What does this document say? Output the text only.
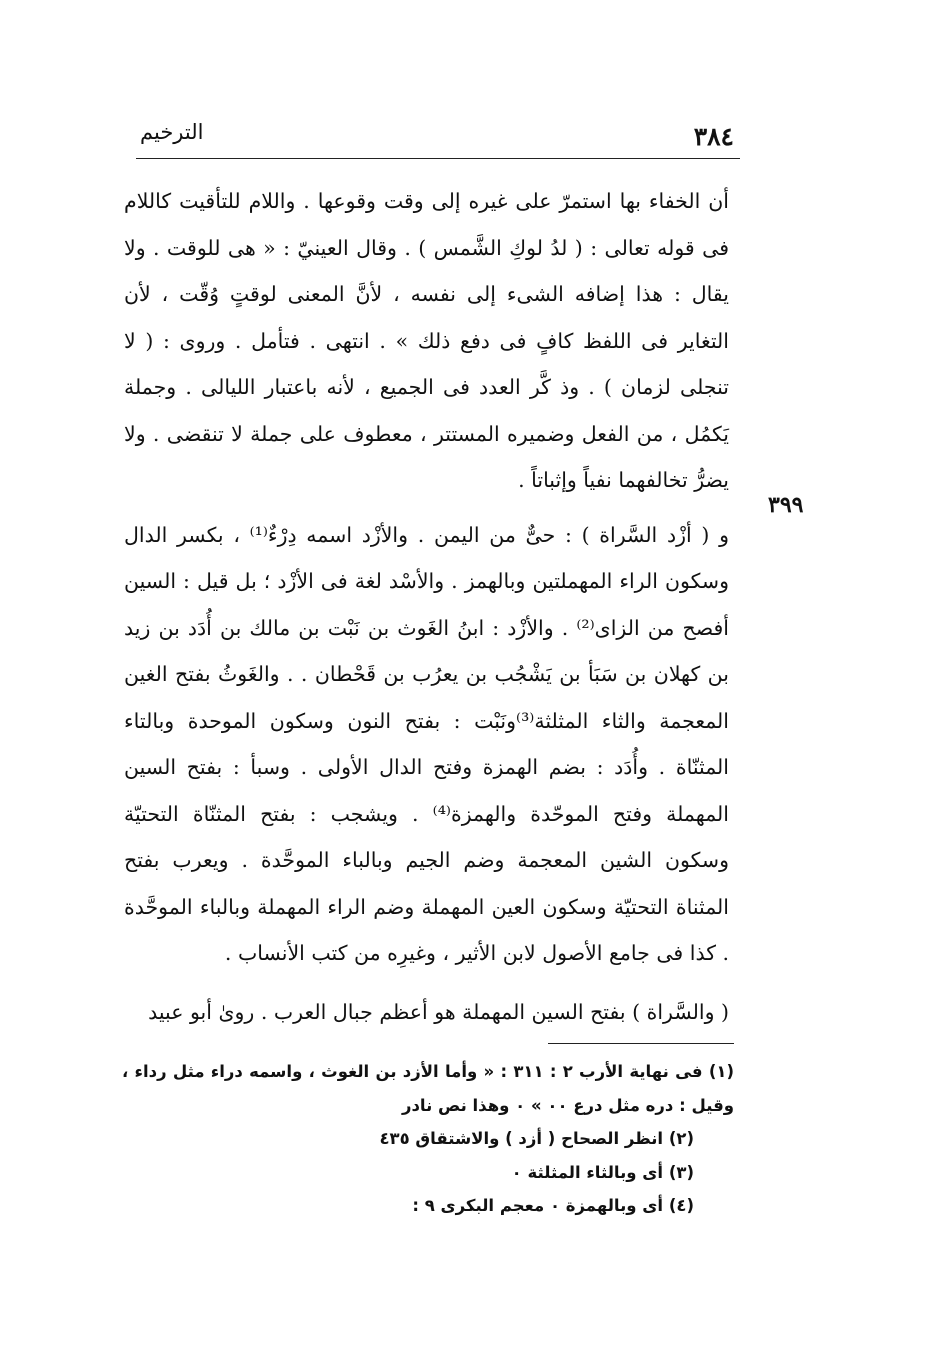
٣٨٤
الترخيم
٣٩٩

أن الخفاء بها استمرّ على غيره إلى وقت وقوعها . واللام للتأقيت كاللام فى قوله تعالى : ( لدُ لوكِ الشَّمس ) . وقال العينيّ : « هى للوقت . ولا يقال : هذا إضافه الشىء إلى نفسه ، لأنَّ المعنى لوقتٍ وُقّت ، لأن التغاير فى اللفظ كافٍ فى دفع ذلك » . انتهى . فتأمل . وروى : ( لا تنجلى لزمان ) . وذ كَّر العدد فى الجميع ، لأنه باعتبار الليالى . وجملة يَكمُل ، من الفعل وضميره المستتر ، معطوف على جملة لا تنقضى . ولا يضرُّ تخالفهما نفياً وإثباتاً .

و ( أزْد السَّراة ) : حىٌّ من اليمن . والأزْد اسمه دِرْءٌ⁽¹⁾ ، بكسر الدال وسكون الراء المهملتين وبالهمز . والأسْد لغة فى الأزْد ؛ بل قيل : السين أفصح من الزاى⁽²⁾ . والأزْد : ابنُ الغَوث بن نَبْت بن مالك بن أُدَد بن زيد بن كهلان بن سَبَأ بن يَشْجُب بن يعرُب بن قَحْطان . . والغَوثُ بفتح الغين المعجمة والثاء المثلثة⁽³⁾ونَبْت : بفتح النون وسكون الموحدة وبالتاء المثنّاة . وأُدَد : بضم الهمزة وفتح الدال الأولى . وسبأ : بفتح السين المهملة وفتح الموحّدة والهمزة⁽⁴⁾ . ويشجب : بفتح المثنّاة التحتيّة وسكون الشين المعجمة وضم الجيم وبالباء الموحَّدة . ويعرب بفتح المثناة التحتيّة وسكون العين المهملة وضم الراء المهملة وبالباء الموحَّدة . كذا فى جامع الأصول لابن الأثير ، وغيرِه من كتب الأنساب .

( والسَّراة ) بفتح السين المهملة هو أعظم جبال العرب . روىٰ أبو عبيد

(١) فى نهاية الأرب ٢ : ٣١١ : « وأما الأزد بن الغوث ، واسمه دراء مثل رداء ، وقيل : دره مثل درع ٠٠ » ٠ وهذا نص نادر

(٢) انظر الصحاح ( أزد ) والاشتقاق ٤٣٥

(٣) أى وبالثاء المثلثة ٠

(٤) أى وبالهمزة ٠ معجم البكرى ٩ :
